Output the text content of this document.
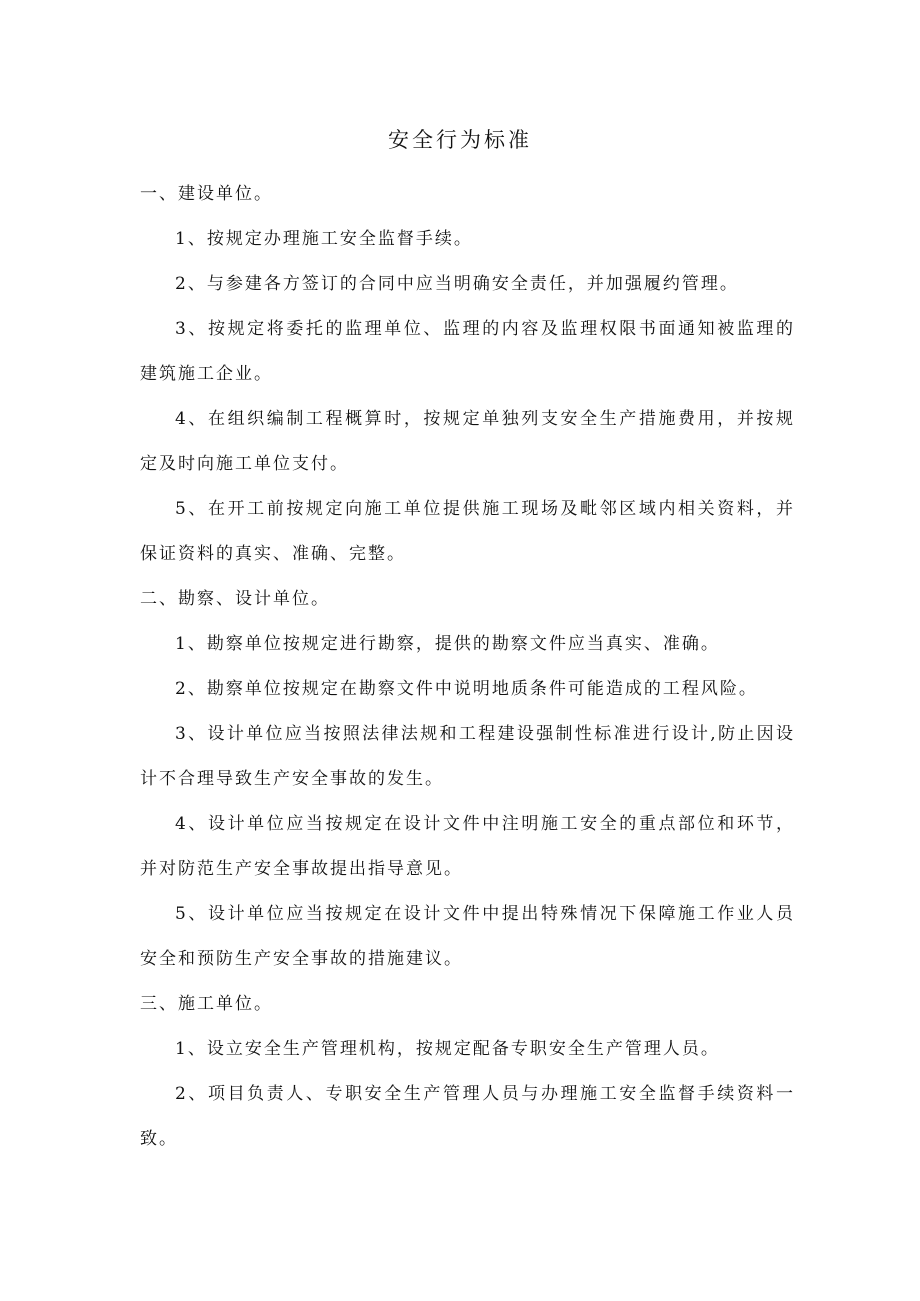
安全行为标准

一、建设单位。

1、按规定办理施工安全监督手续。

2、与参建各方签订的合同中应当明确安全责任，并加强履约管理。

3、按规定将委托的监理单位、监理的内容及监理权限书面通知被监理的建筑施工企业。

4、在组织编制工程概算时，按规定单独列支安全生产措施费用，并按规定及时向施工单位支付。

5、在开工前按规定向施工单位提供施工现场及毗邻区域内相关资料，并保证资料的真实、准确、完整。

二、勘察、设计单位。

1、勘察单位按规定进行勘察，提供的勘察文件应当真实、准确。

2、勘察单位按规定在勘察文件中说明地质条件可能造成的工程风险。

3、设计单位应当按照法律法规和工程建设强制性标准进行设计,防止因设计不合理导致生产安全事故的发生。

4、设计单位应当按规定在设计文件中注明施工安全的重点部位和环节，并对防范生产安全事故提出指导意见。

5、设计单位应当按规定在设计文件中提出特殊情况下保障施工作业人员安全和预防生产安全事故的措施建议。

三、施工单位。

1、设立安全生产管理机构，按规定配备专职安全生产管理人员。

2、项目负责人、专职安全生产管理人员与办理施工安全监督手续资料一致。
